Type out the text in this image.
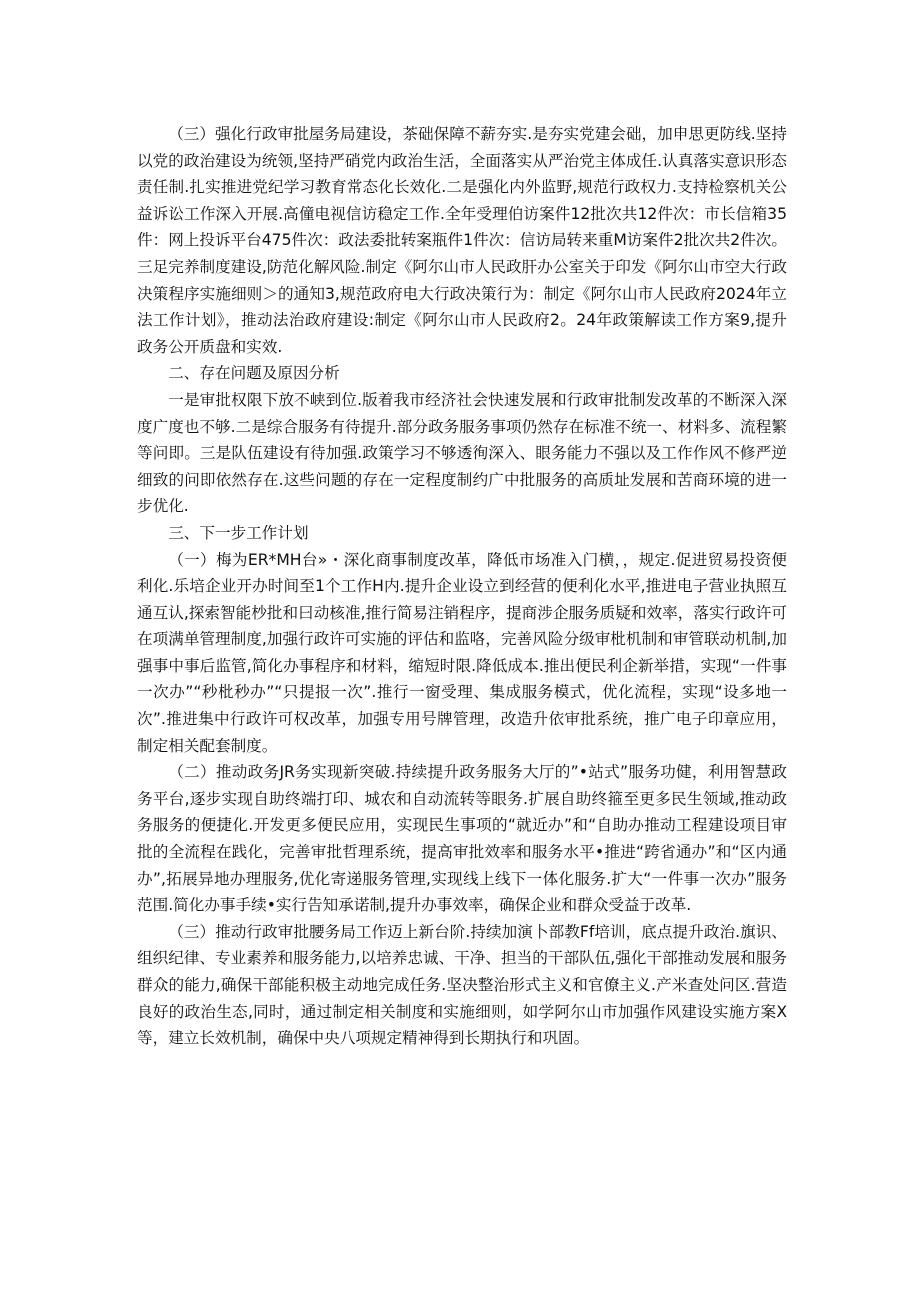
（三）强化行政审批屋务局建设，茶础保障不薪夯实.是夯实党建会础，加申思更防线.坚持以党的政治建设为统领,坚持严硝党内政治生活，全面落实从严治党主体成任.认真落实意识形态责任制.扎实推进党纪学习教育常态化长效化.二是强化内外监野,规范行政权力.支持检察机关公益诉讼工作深入开展.高僮电视信访稳定工作.全年受理伯访案件12批次共12件次：市长信箱35件：网上投诉平台475件次：政法委批转案瓶件1件次：信访局转来重M访案件2批次共2件次。三足完养制度建设,防范化解风险.制定《阿尔山市人民政肝办公室关于印发《阿尔山市空大行政决策程序实施细则＞的通知3,规范政府电大行政决策行为：制定《阿尔山市人民政府2024年立法工作计划》，推动法治政府建设:制定《阿尔山市人民政府2。24年政策解读工作方案9,提升政务公开质盘和实效.

二、存在问题及原因分析

一是审批权限下放不峡到位.版着我市经济社会快速发展和行政审批制发改革的不断深入深度广度也不够.二是综合服务有待提升.部分政务服务事项仍然存在标准不统一、材料多、流程繁等问即。三是队伍建设有待加强.政策学习不够透徇深入、眼务能力不强以及工作作风不修严逆细致的问即依然存在.这些问题的存在一定程度制约广中批服务的高质址发展和苦商环境的进一步优化.

三、下一步工作计划

（一）梅为ER*MH台»・深化商事制度改革，降低市场准入门横，，规定.促进贸易投资便利化.乐培企业开办时间至1个工作H内.提升企业设立到经营的便利化水平,推进电子营业执照互通互认,探索智能杪批和曰动核准,推行简易注销程序，提商涉企服务质疑和效率，落实行政许可在项满单管理制度,加强行政许可实施的评估和监咯，完善风险分级审枇机制和审管联动机制,加强事中事后监管,简化办事程序和材料，缩短时限.降低成本.推出便民利企新举措，实现“一件事一次办”“秒枇秒办”“只提报一次”.推行一窗受理、集成服务模式，优化流程，实现“设多地一次”.推进集中行政许可权改革，加强专用号牌管理，改造升依审批系统，推广电子印章应用，制定相关配套制度。

（二）推动政务JR务实现新突破.持续提升政务服务大厅的”•站式”服务功健，利用智慧政务平台,逐步实现自助终端打印、城农和自动流转等眼务.扩展自助终箍至更多民生领域,推动政务服务的便捷化.开发更多便民应用，实现民生事项的“就近办”和“自助办推动工程建设项目审批的全流程在践化，完善审批哲理系统，提高审批效率和服务水平•推进“跨省通办”和“区内通办”,拓展异地办理服务,优化寄递服务管理,实现线上线下一体化服务.扩大“一件事一次办”服务范围.简化办事手续•实行告知承诺制,提升办事效率，确保企业和群众受益于改革.

（三）推动行政审批腰务局工作迈上新台阶.持续加演卜部教Ff培训，底点提升政治.旗识、组织纪律、专业素养和服务能力,以培养忠诚、干净、担当的干部队伍,强化干部推动发展和服务群众的能力,确保干部能积极主动地完成任务.坚决整治形式主义和官僚主义.产米查处问区.营造良好的政治生态,同时，通过制定相关制度和实施细则，如学阿尔山市加强作风建设实施方案X等，建立长效机制，确保中央八项规定精神得到长期执行和巩固。
